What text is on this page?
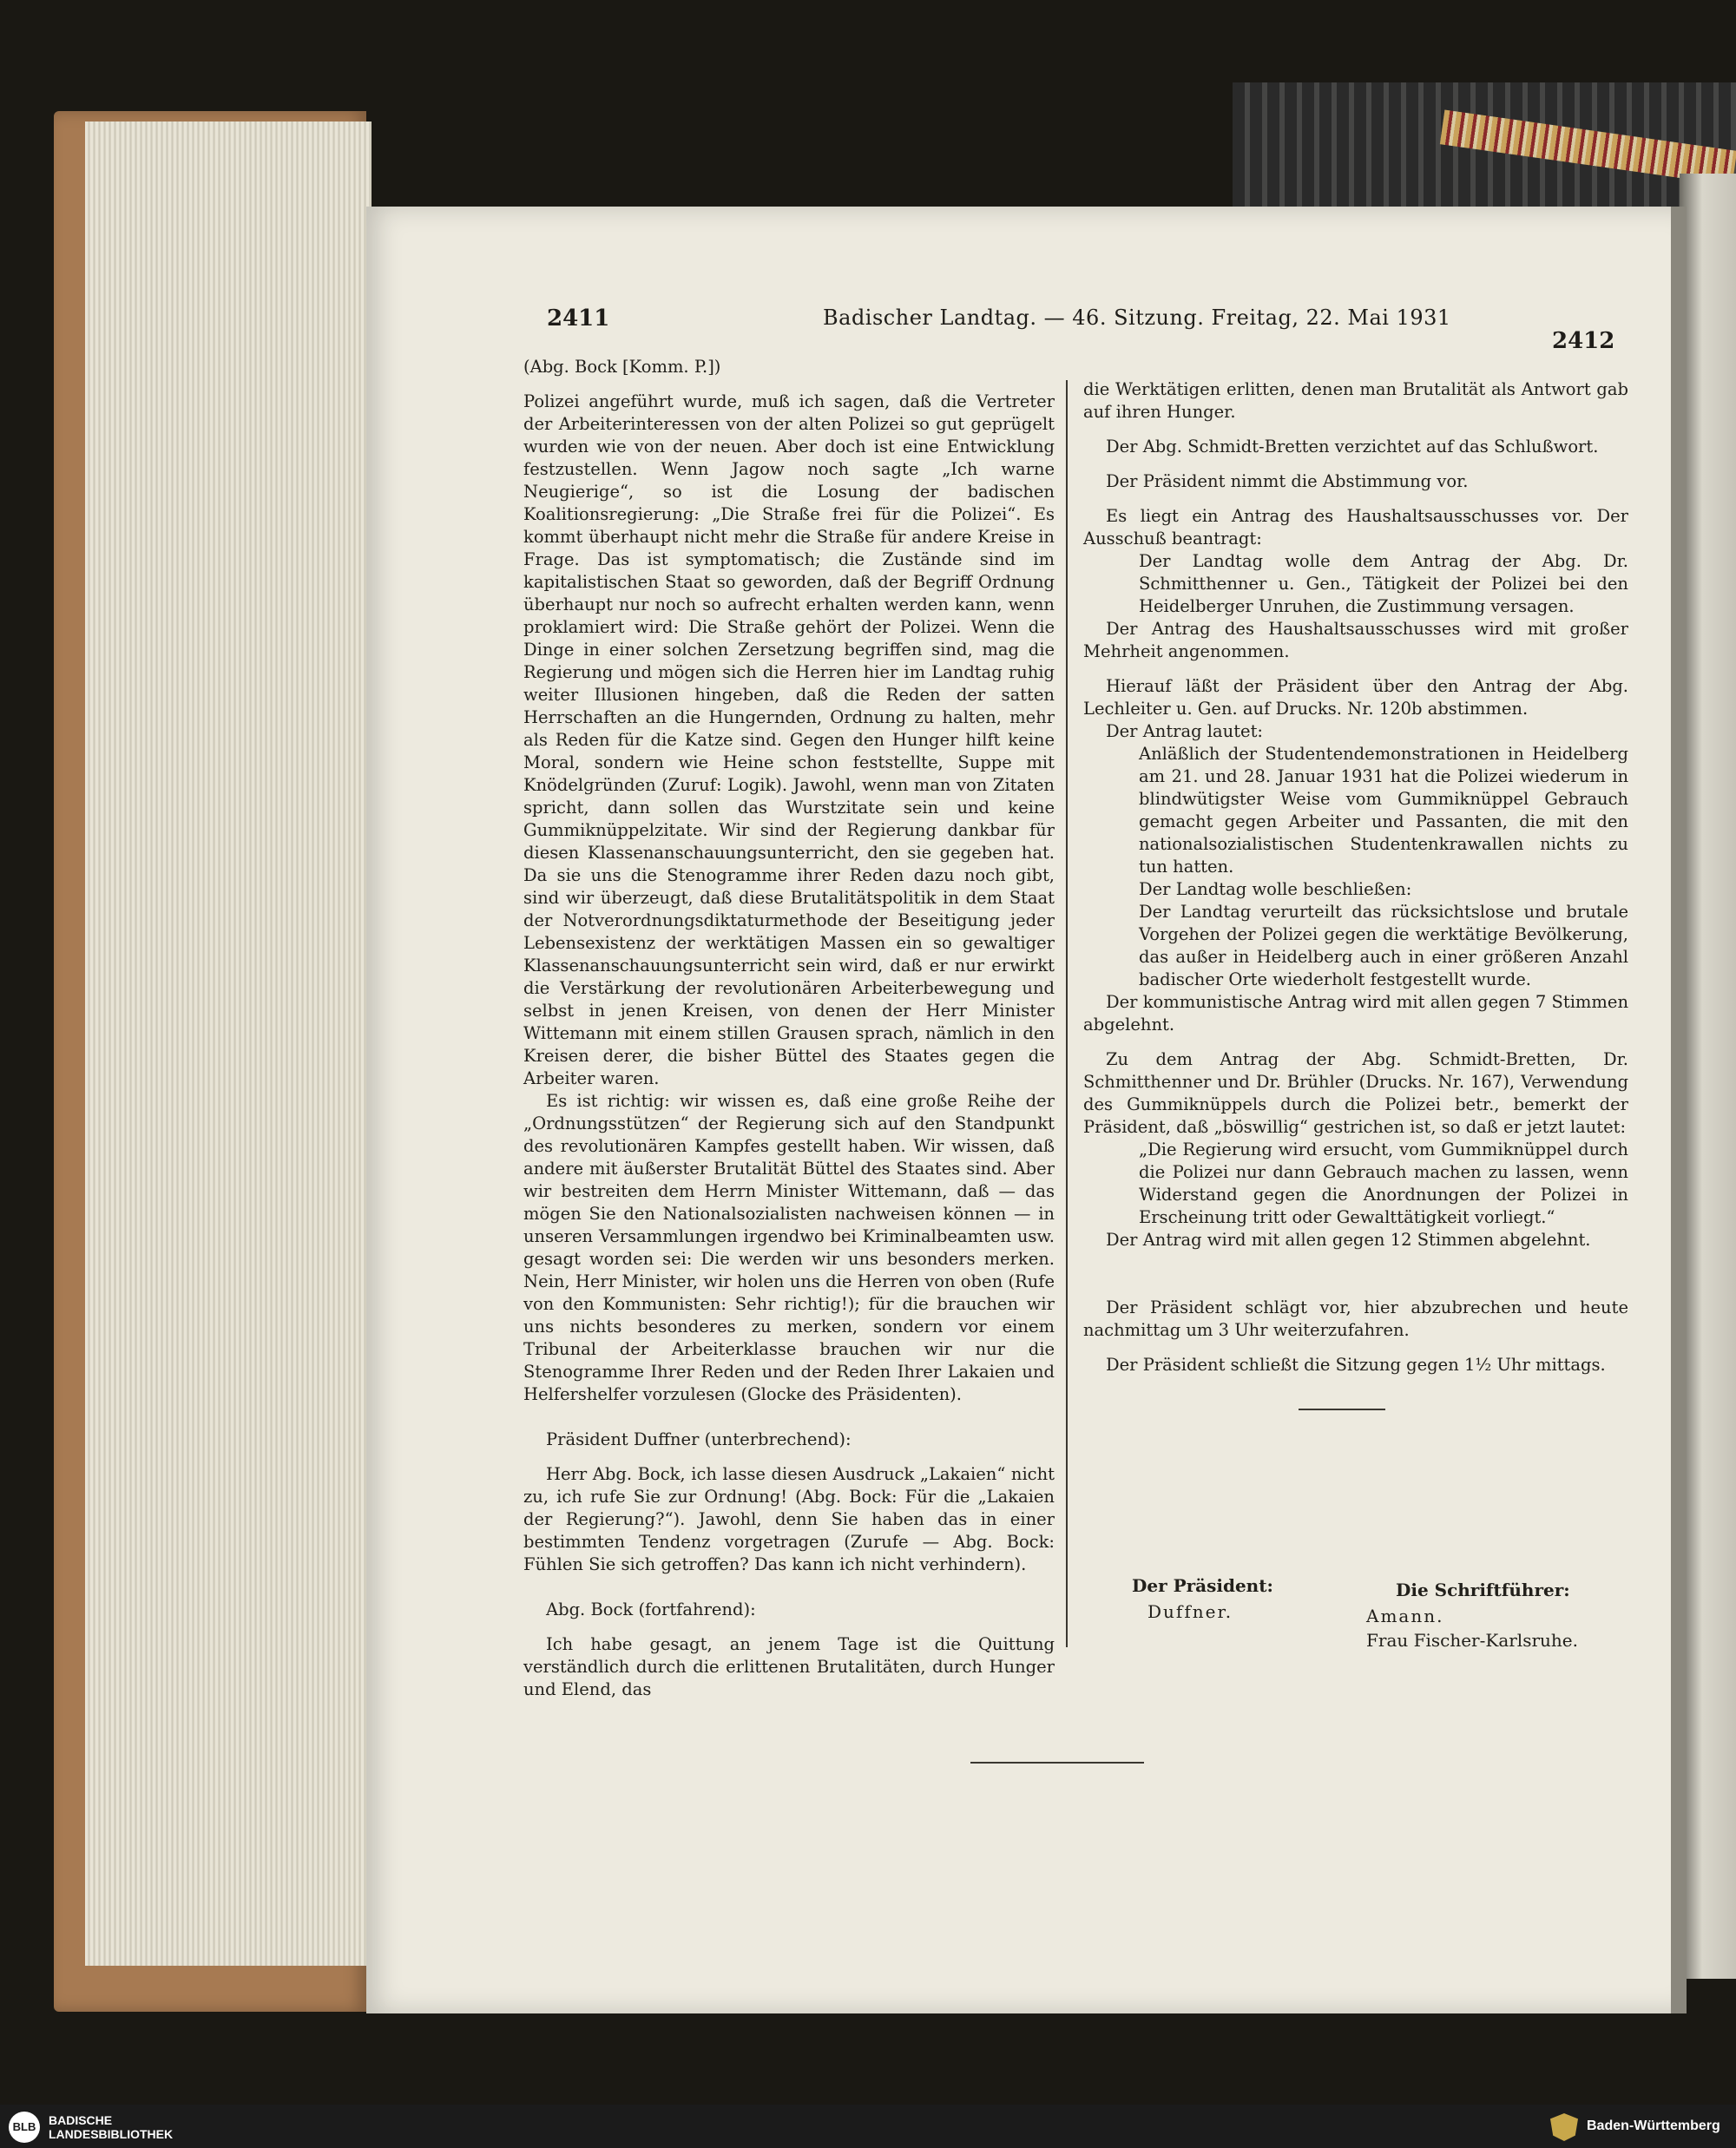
2411	Badischer Landtag. — 46. Sitzung. Freitag, 22. Mai 1931
2412

(Abg. Bock [Komm. P.])

Polizei angeführt wurde, muß ich sagen, daß die Vertreter der Arbeiterinteressen von der alten Polizei so gut geprügelt wurden wie von der neuen. Aber doch ist eine Entwicklung festzustellen. Wenn Jagow noch sagte „Ich warne Neugierige“, so ist die Losung der badischen Koalitionsregierung: „Die Straße frei für die Polizei“. Es kommt überhaupt nicht mehr die Straße für andere Kreise in Frage. Das ist symptomatisch; die Zustände sind im kapitalistischen Staat so geworden, daß der Begriff Ordnung überhaupt nur noch so aufrecht erhalten werden kann, wenn proklamiert wird: Die Straße gehört der Polizei. Wenn die Dinge in einer solchen Zersetzung begriffen sind, mag die Regierung und mögen sich die Herren hier im Landtag ruhig weiter Illusionen hingeben, daß die Reden der satten Herrschaften an die Hungernden, Ordnung zu halten, mehr als Reden für die Katze sind. Gegen den Hunger hilft keine Moral, sondern wie Heine schon feststellte, Suppe mit Knödelgründen (Zuruf: Logik). Jawohl, wenn man von Zitaten spricht, dann sollen das Wurstzitate sein und keine Gummiknüppelzitate. Wir sind der Regierung dankbar für diesen Klassenanschauungsunterricht, den sie gegeben hat. Da sie uns die Stenogramme ihrer Reden dazu noch gibt, sind wir überzeugt, daß diese Brutalitätspolitik in dem Staat der Notverordnungsdiktaturmethode der Beseitigung jeder Lebensexistenz der werktätigen Massen ein so gewaltiger Klassenanschauungsunterricht sein wird, daß er nur erwirkt die Verstärkung der revolutionären Arbeiterbewegung und selbst in jenen Kreisen, von denen der Herr Minister Wittemann mit einem stillen Grausen sprach, nämlich in den Kreisen derer, die bisher Büttel des Staates gegen die Arbeiter waren.

Es ist richtig: wir wissen es, daß eine große Reihe der „Ordnungsstützen“ der Regierung sich auf den Standpunkt des revolutionären Kampfes gestellt haben. Wir wissen, daß andere mit äußerster Brutalität Büttel des Staates sind. Aber wir bestreiten dem Herrn Minister Wittemann, daß — das mögen Sie den Nationalsozialisten nachweisen können — in unseren Versammlungen irgendwo bei Kriminalbeamten usw. gesagt worden sei: Die werden wir uns besonders merken. Nein, Herr Minister, wir holen uns die Herren von oben (Rufe von den Kommunisten: Sehr richtig!); für die brauchen wir uns nichts besonderes zu merken, sondern vor einem Tribunal der Arbeiterklasse brauchen wir nur die Stenogramme Ihrer Reden und der Reden Ihrer Lakaien und Helfershelfer vorzulesen (Glocke des Präsidenten).

Präsident Duffner (unterbrechend):

Herr Abg. Bock, ich lasse diesen Ausdruck „Lakaien“ nicht zu, ich rufe Sie zur Ordnung! (Abg. Bock: Für die „Lakaien der Regierung?“). Jawohl, denn Sie haben das in einer bestimmten Tendenz vorgetragen (Zurufe — Abg. Bock: Fühlen Sie sich getroffen? Das kann ich nicht verhindern).

Abg. Bock (fortfahrend):

Ich habe gesagt, an jenem Tage ist die Quittung verständlich durch die erlittenen Brutalitäten, durch Hunger und Elend, das

die Werktätigen erlitten, denen man Brutalität als Antwort gab auf ihren Hunger.

Der Abg. Schmidt-Bretten verzichtet auf das Schlußwort.

Der Präsident nimmt die Abstimmung vor.

Es liegt ein Antrag des Haushaltsausschusses vor. Der Ausschuß beantragt:

Der Landtag wolle dem Antrag der Abg. Dr. Schmitthenner u. Gen., Tätigkeit der Polizei bei den Heidelberger Unruhen, die Zustimmung versagen.

Der Antrag des Haushaltsausschusses wird mit großer Mehrheit angenommen.

Hierauf läßt der Präsident über den Antrag der Abg. Lechleiter u. Gen. auf Drucks. Nr. 120b abstimmen.

Der Antrag lautet:

Anläßlich der Studentendemonstrationen in Heidelberg am 21. und 28. Januar 1931 hat die Polizei wiederum in blindwütigster Weise vom Gummiknüppel Gebrauch gemacht gegen Arbeiter und Passanten, die mit den nationalsozialistischen Studentenkrawallen nichts zu tun hatten.

Der Landtag wolle beschließen:

Der Landtag verurteilt das rücksichtslose und brutale Vorgehen der Polizei gegen die werktätige Bevölkerung, das außer in Heidelberg auch in einer größeren Anzahl badischer Orte wiederholt festgestellt wurde.

Der kommunistische Antrag wird mit allen gegen 7 Stimmen abgelehnt.

Zu dem Antrag der Abg. Schmidt-Bretten, Dr. Schmitthenner und Dr. Brühler (Drucks. Nr. 167), Verwendung des Gummiknüppels durch die Polizei betr., bemerkt der Präsident, daß „böswillig“ gestrichen ist, so daß er jetzt lautet:

„Die Regierung wird ersucht, vom Gummiknüppel durch die Polizei nur dann Gebrauch machen zu lassen, wenn Widerstand gegen die Anordnungen der Polizei in Erscheinung tritt oder Gewalttätigkeit vorliegt.“

Der Antrag wird mit allen gegen 12 Stimmen abgelehnt.

Der Präsident schlägt vor, hier abzubrechen und heute nachmittag um 3 Uhr weiterzufahren.

Der Präsident schließt die Sitzung gegen 1½ Uhr mittags.

Der Präsident:
Duffner.
Die Schriftführer:
Amann.
Frau Fischer-Karlsruhe.
BLB	BADISCHE
LANDESBIBLIOTHEK
Baden-Württemberg
